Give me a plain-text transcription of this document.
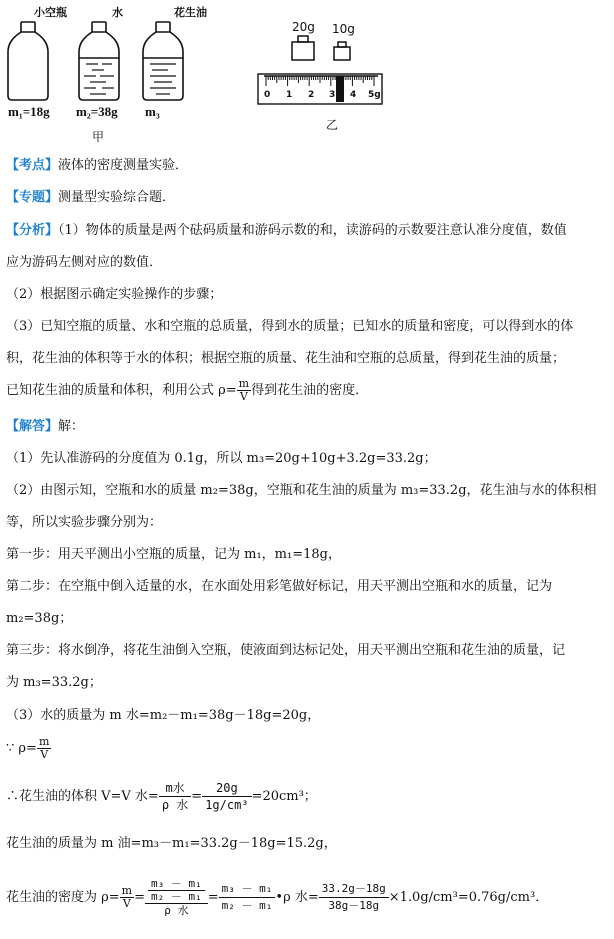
小空瓶	水	花生油
m₁=18g m₂=38g m₃
甲
20g 10g
0 1 2 3 4 5g
乙
【考点】液体的密度测量实验．
【专题】测量型实验综合题．
【分析】（1）物体的质量是两个砝码质量和游码示数的和，读游码的示数要注意认准分度值，数值
应为游码左侧对应的数值．
（2）根据图示确定实验操作的步骤；
（3）已知空瓶的质量、水和空瓶的总质量，得到水的质量；已知水的质量和密度，可以得到水的体
积，花生油的体积等于水的体积；根据空瓶的质量、花生油和空瓶的总质量，得到花生油的质量；
已知花生油的质量和体积，利用公式 $\rho= \frac{m}{V}$ 得到花生油的密度．
【解答】解：
（1）先认准游码的分度值为 0.1g，所以 m₃=20g+10g+3.2g=33.2g；
（2）由图示知，空瓶和水的质量 m₂=38g，空瓶和花生油的质量为 m₃=33.2g，花生油与水的体积相
等，所以实验步骤分别为：
第一步：用天平测出小空瓶的质量，记为 m₁，m₁=18g，
第二步：在空瓶中倒入适量的水，在水面处用彩笔做好标记，用天平测出空瓶和水的质量，记为
m₂=38g；
第三步：将水倒净，将花生油倒入空瓶，使液面到达标记处，用天平测出空瓶和花生油的质量，记
为 m₃=33.2g；
（3）水的质量为 m 水=m₂－m₁=38g－18g=20g，
∵ $\rho= \frac{m}{V}$
∴花生油的体积 V=V 水= $\frac{\text{m水}}{\text{ρ 水}} = \frac{20g}{\text{1g/cm³}} =20cm^3$；
花生油的质量为 m 油=m₃－m₁=33.2g－18g=15.2g，
花生油的密度为 $\rho= \frac{m}{V} = \frac{\frac{\text{m₃ － m₁}}{\text{m₂ － m₁}}}{\text{ρ 水}} = \frac{\text{m₃ － m₁}}{\text{m₂ － m₁}}$ •ρ 水= $\frac{33.2g-18g}{38g-18g} \times 1.0g/cm^3=0.76g/cm^3$．
